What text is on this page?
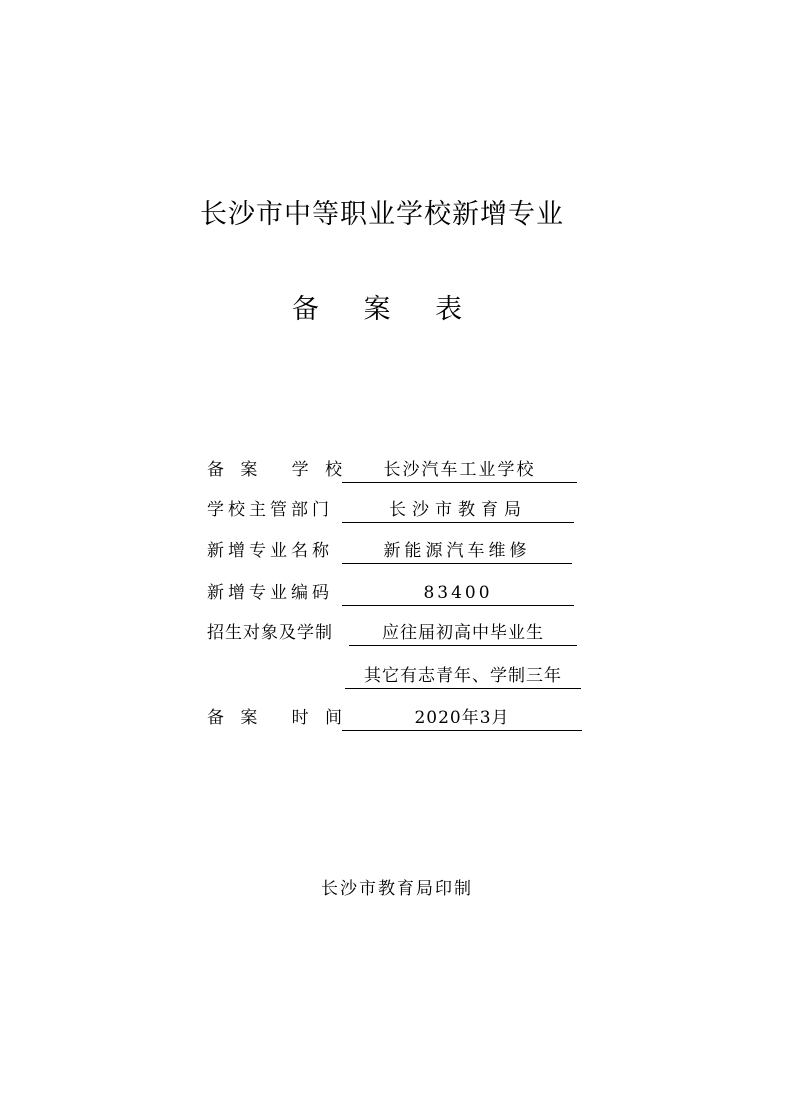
长沙市中等职业学校新增专业
备 案 表
备 案 学 校	长沙汽车工业学校
学校主管部门	长沙市教育局
新增专业名称	新能源汽车维修
新增专业编码	83400
招生对象及学制	应往届初高中毕业生
其它有志青年、学制三年
备 案 时 间	2020年3月
长沙市教育局印制
